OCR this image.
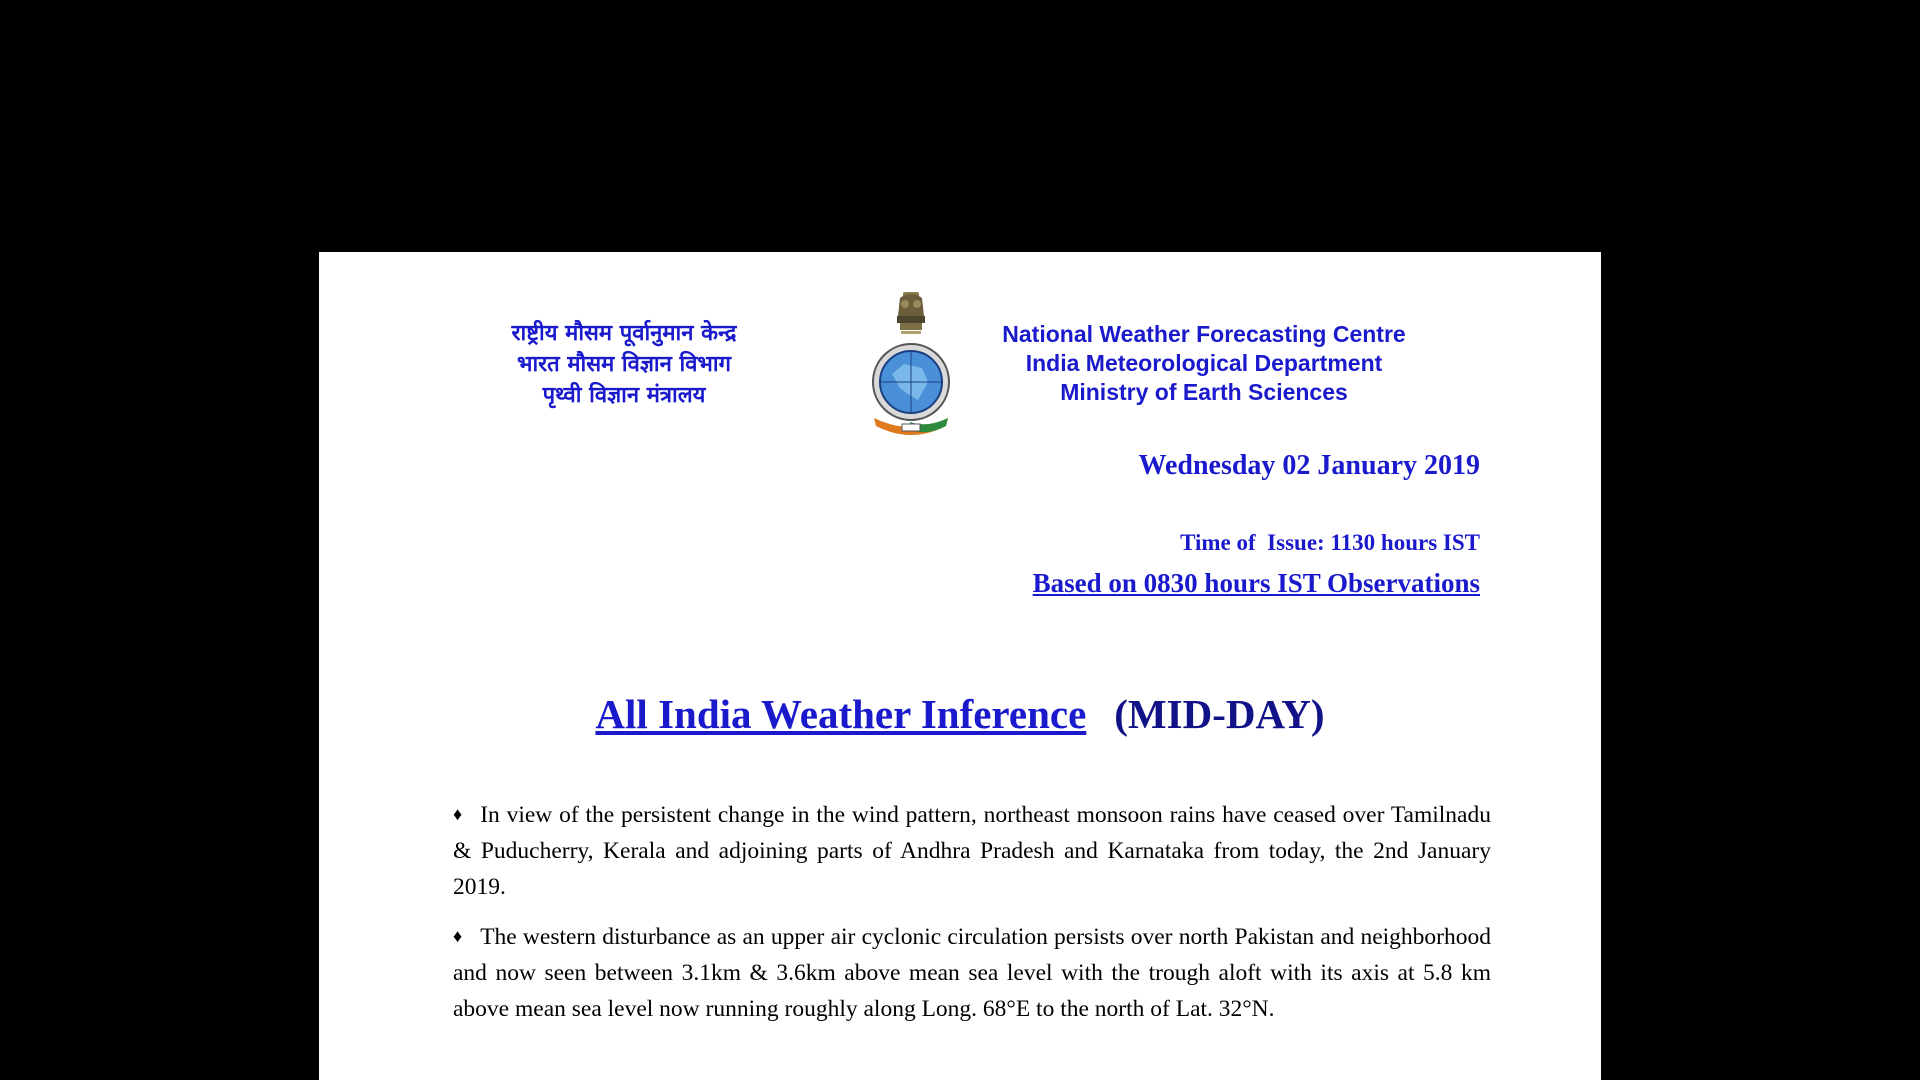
राष्ट्रीय मौसम पूर्वानुमान केन्द्र
भारत मौसम विज्ञान विभाग
पृथ्वी विज्ञान मंत्रालय
National Weather Forecasting Centre
India Meteorological Department
Ministry of Earth Sciences
Wednesday 02 January 2019
Time of  Issue: 1130 hours IST
Based on 0830 hours IST Observations
All India Weather Inference (MID-DAY)

♦ In view of the persistent change in the wind pattern, northeast monsoon rains have ceased over Tamilnadu & Puducherry, Kerala and adjoining parts of Andhra Pradesh and Karnataka from today, the 2nd January 2019.

♦ The western disturbance as an upper air cyclonic circulation persists over north Pakistan and neighborhood and now seen between 3.1km & 3.6km above mean sea level with the trough aloft with its axis at 5.8 km above mean sea level now running roughly along Long. 68°E to the north of Lat. 32°N.
